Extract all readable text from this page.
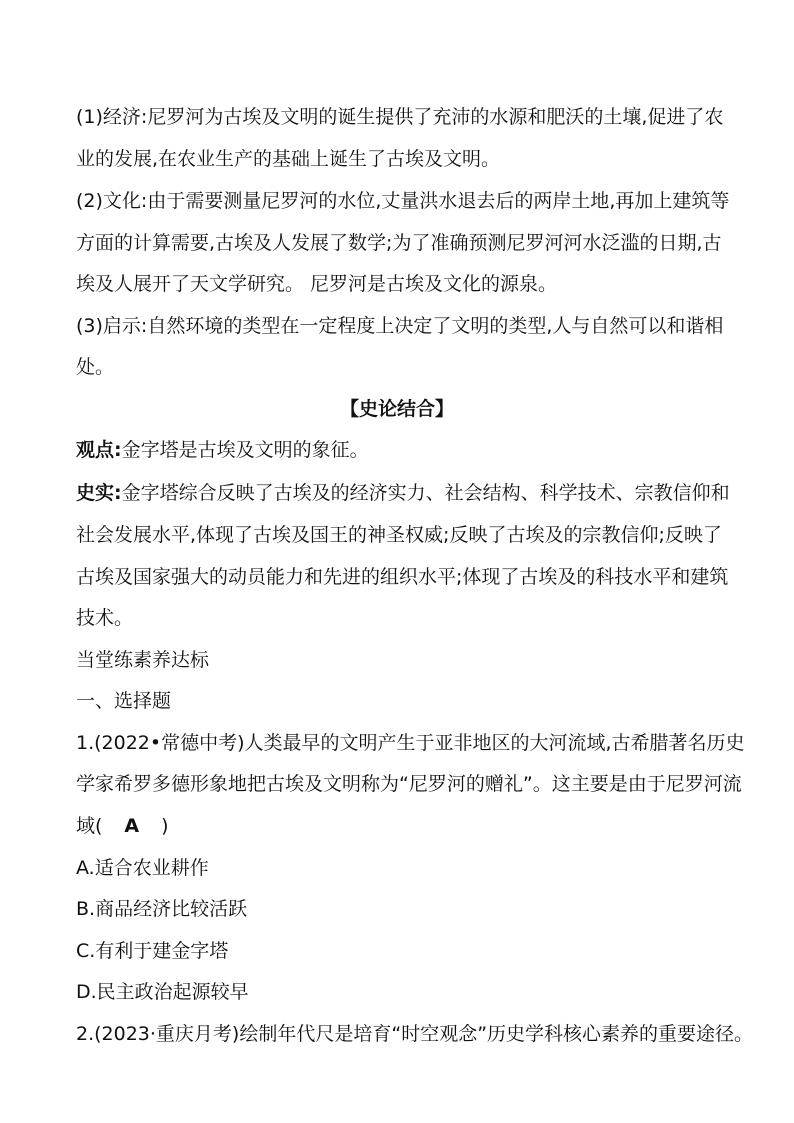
(1)经济:尼罗河为古埃及文明的诞生提供了充沛的水源和肥沃的土壤,促进了农
业的发展,在农业生产的基础上诞生了古埃及文明。
(2)文化:由于需要测量尼罗河的水位,丈量洪水退去后的两岸土地,再加上建筑等
方面的计算需要,古埃及人发展了数学;为了准确预测尼罗河河水泛滥的日期,古
埃及人展开了天文学研究。 尼罗河是古埃及文化的源泉。
(3)启示:自然环境的类型在一定程度上决定了文明的类型,人与自然可以和谐相
处。
【史论结合】
观点:金字塔是古埃及文明的象征。
史实:金字塔综合反映了古埃及的经济实力、社会结构、科学技术、宗教信仰和
社会发展水平,体现了古埃及国王的神圣权威;反映了古埃及的宗教信仰;反映了
古埃及国家强大的动员能力和先进的组织水平;体现了古埃及的科技水平和建筑
技术。
当堂练素养达标
一、选择题
1.(2022•常德中考)人类最早的文明产生于亚非地区的大河流域,古希腊著名历史
学家希罗多德形象地把古埃及文明称为“尼罗河的赠礼”。这主要是由于尼罗河流
域( A )
A.适合农业耕作
B.商品经济比较活跃
C.有利于建金字塔
D.民主政治起源较早
2.(2023·重庆月考)绘制年代尺是培育“时空观念”历史学科核心素养的重要途径。
